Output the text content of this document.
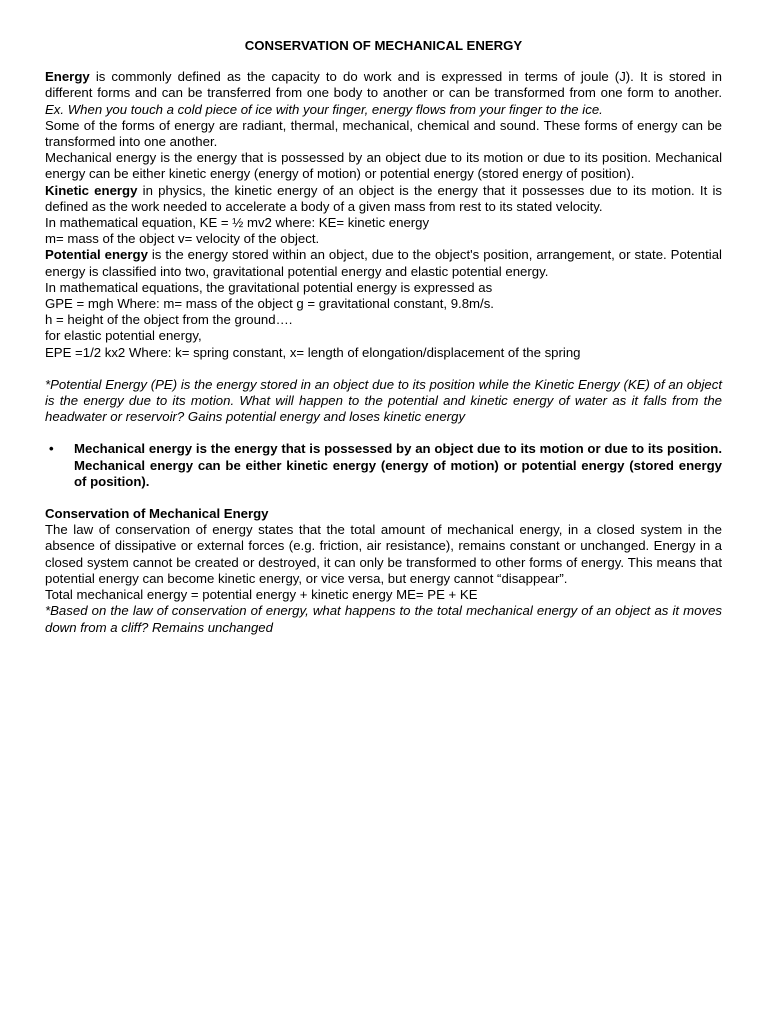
CONSERVATION OF MECHANICAL ENERGY

Energy is commonly defined as the capacity to do work and is expressed in terms of joule (J). It is stored in different forms and can be transferred from one body to another or can be transformed from one form to another. Ex. When you touch a cold piece of ice with your finger, energy flows from your finger to the ice.

Some of the forms of energy are radiant, thermal, mechanical, chemical and sound. These forms of energy can be transformed into one another.

Mechanical energy is the energy that is possessed by an object due to its motion or due to its position. Mechanical energy can be either kinetic energy (energy of motion) or potential energy (stored energy of position).

Kinetic energy in physics, the kinetic energy of an object is the energy that it possesses due to its motion. It is defined as the work needed to accelerate a body of a given mass from rest to its stated velocity.

In mathematical equation, KE = ½ mv2 where: KE= kinetic energy

m= mass of the object v= velocity of the object.

Potential energy is the energy stored within an object, due to the object's position, arrangement, or state. Potential energy is classified into two, gravitational potential energy and elastic potential energy.

In mathematical equations, the gravitational potential energy is expressed as

GPE = mgh Where: m= mass of the object g = gravitational constant, 9.8m/s.

h = height of the object from the ground….

for elastic potential energy,

EPE =1/2 kx2 Where: k= spring constant, x= length of elongation/displacement of the spring

*Potential Energy (PE) is the energy stored in an object due to its position while the Kinetic Energy (KE) of an object is the energy due to its motion. What will happen to the potential and kinetic energy of water as it falls from the headwater or reservoir? Gains potential energy and loses kinetic energy

• Mechanical energy is the energy that is possessed by an object due to its motion or due to its position. Mechanical energy can be either kinetic energy (energy of motion) or potential energy (stored energy of position).

Conservation of Mechanical Energy

The law of conservation of energy states that the total amount of mechanical energy, in a closed system in the absence of dissipative or external forces (e.g. friction, air resistance), remains constant or unchanged. Energy in a closed system cannot be created or destroyed, it can only be transformed to other forms of energy. This means that potential energy can become kinetic energy, or vice versa, but energy cannot “disappear”.

Total mechanical energy = potential energy + kinetic energy ME= PE + KE

*Based on the law of conservation of energy, what happens to the total mechanical energy of an object as it moves down from a cliff? Remains unchanged
